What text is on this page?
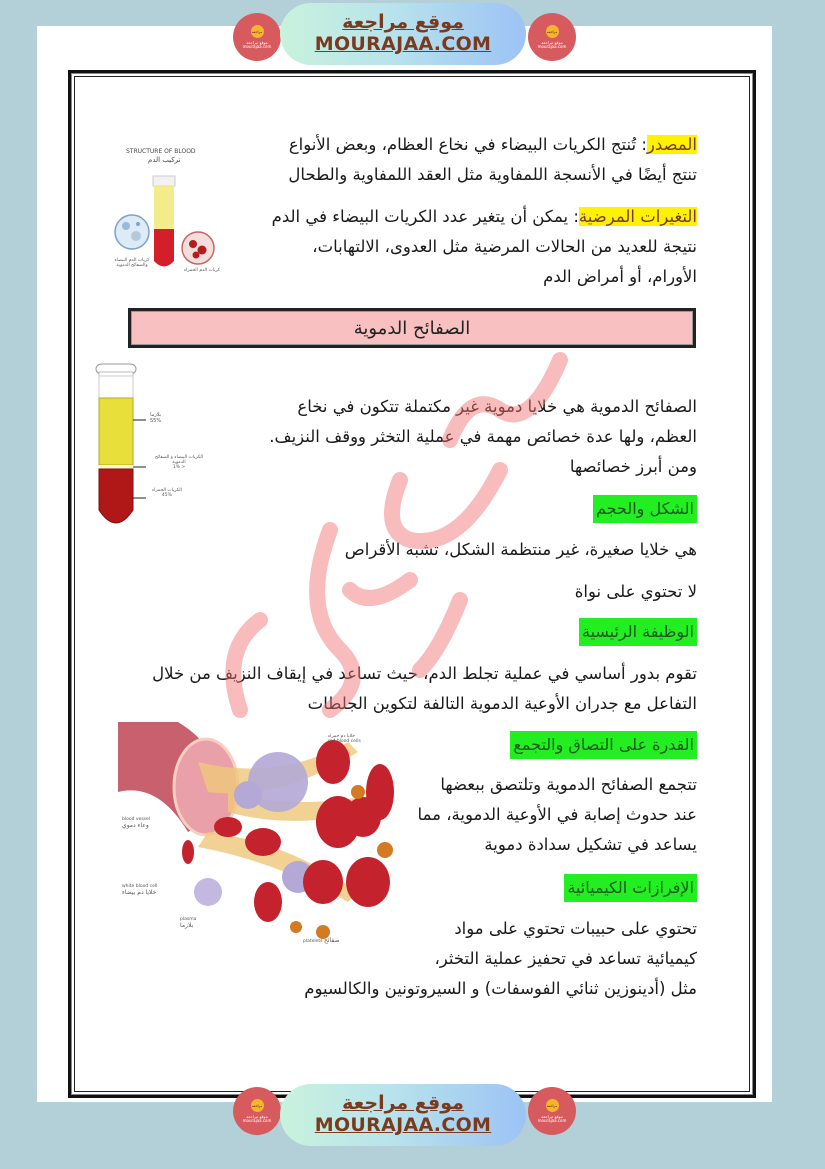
مراجعة
موقع مراجعة mourajaa.com
موقع مراجعة
MOURAJAA.COM
مراجعة
موقع مراجعة mourajaa.com
STRUCTURE OF BLOOD
تركيب الدم
كريات الدم البيضاء والصفائح الدموية
كريات الدم الحمراء
المصدر: تُنتج الكريات البيضاء في نخاع العظام، وبعض الأنواع
تنتج أيضًا في الأنسجة اللمفاوية مثل العقد اللمفاوية والطحال
التغيرات المرضية: يمكن أن يتغير عدد الكريات البيضاء في الدم
نتيجة للعديد من الحالات المرضية مثل العدوى، الالتهابات،
الأورام، أو أمراض الدم
الصفائح الدموية
بلازما
55%
الكريات البيضاء و الصفائح الدموية
< 1%
الكريات الحمراء
45%
الصفائح الدموية هي خلايا دموية غير مكتملة تتكون في نخاع
العظم، ولها عدة خصائص مهمة في عملية التخثر ووقف النزيف.
ومن أبرز خصائصها
الشكل والحجم
هي خلايا صغيرة، غير منتظمة الشكل، تشبه الأقراص
لا تحتوي على نواة
الوظيفة الرئيسية
تقوم بدور أساسي في عملية تجلط الدم، حيث تساعد في إيقاف النزيف من خلال
التفاعل مع جدران الأوعية الدموية التالفة لتكوين الجلطات
خلايا دم حمراء
red blood cells
blood vessel
وعاء دموي
white blood cell
خلايا دم بيضاء
plasma
بلازما
platelets صفائح
القدرة على التصاق والتجمع
تتجمع الصفائح الدموية وتلتصق ببعضها
عند حدوث إصابة في الأوعية الدموية، مما
يساعد في تشكيل سدادة دموية
الإفرازات الكيميائية
تحتوي على حبيبات تحتوي على مواد
كيميائية تساعد في تحفيز عملية التخثر،
مثل (أدينوزين ثنائي الفوسفات) و السيروتونين والكالسيوم
مراجعة
موقع مراجعة mourajaa.com
موقع مراجعة
MOURAJAA.COM
مراجعة
موقع مراجعة mourajaa.com
